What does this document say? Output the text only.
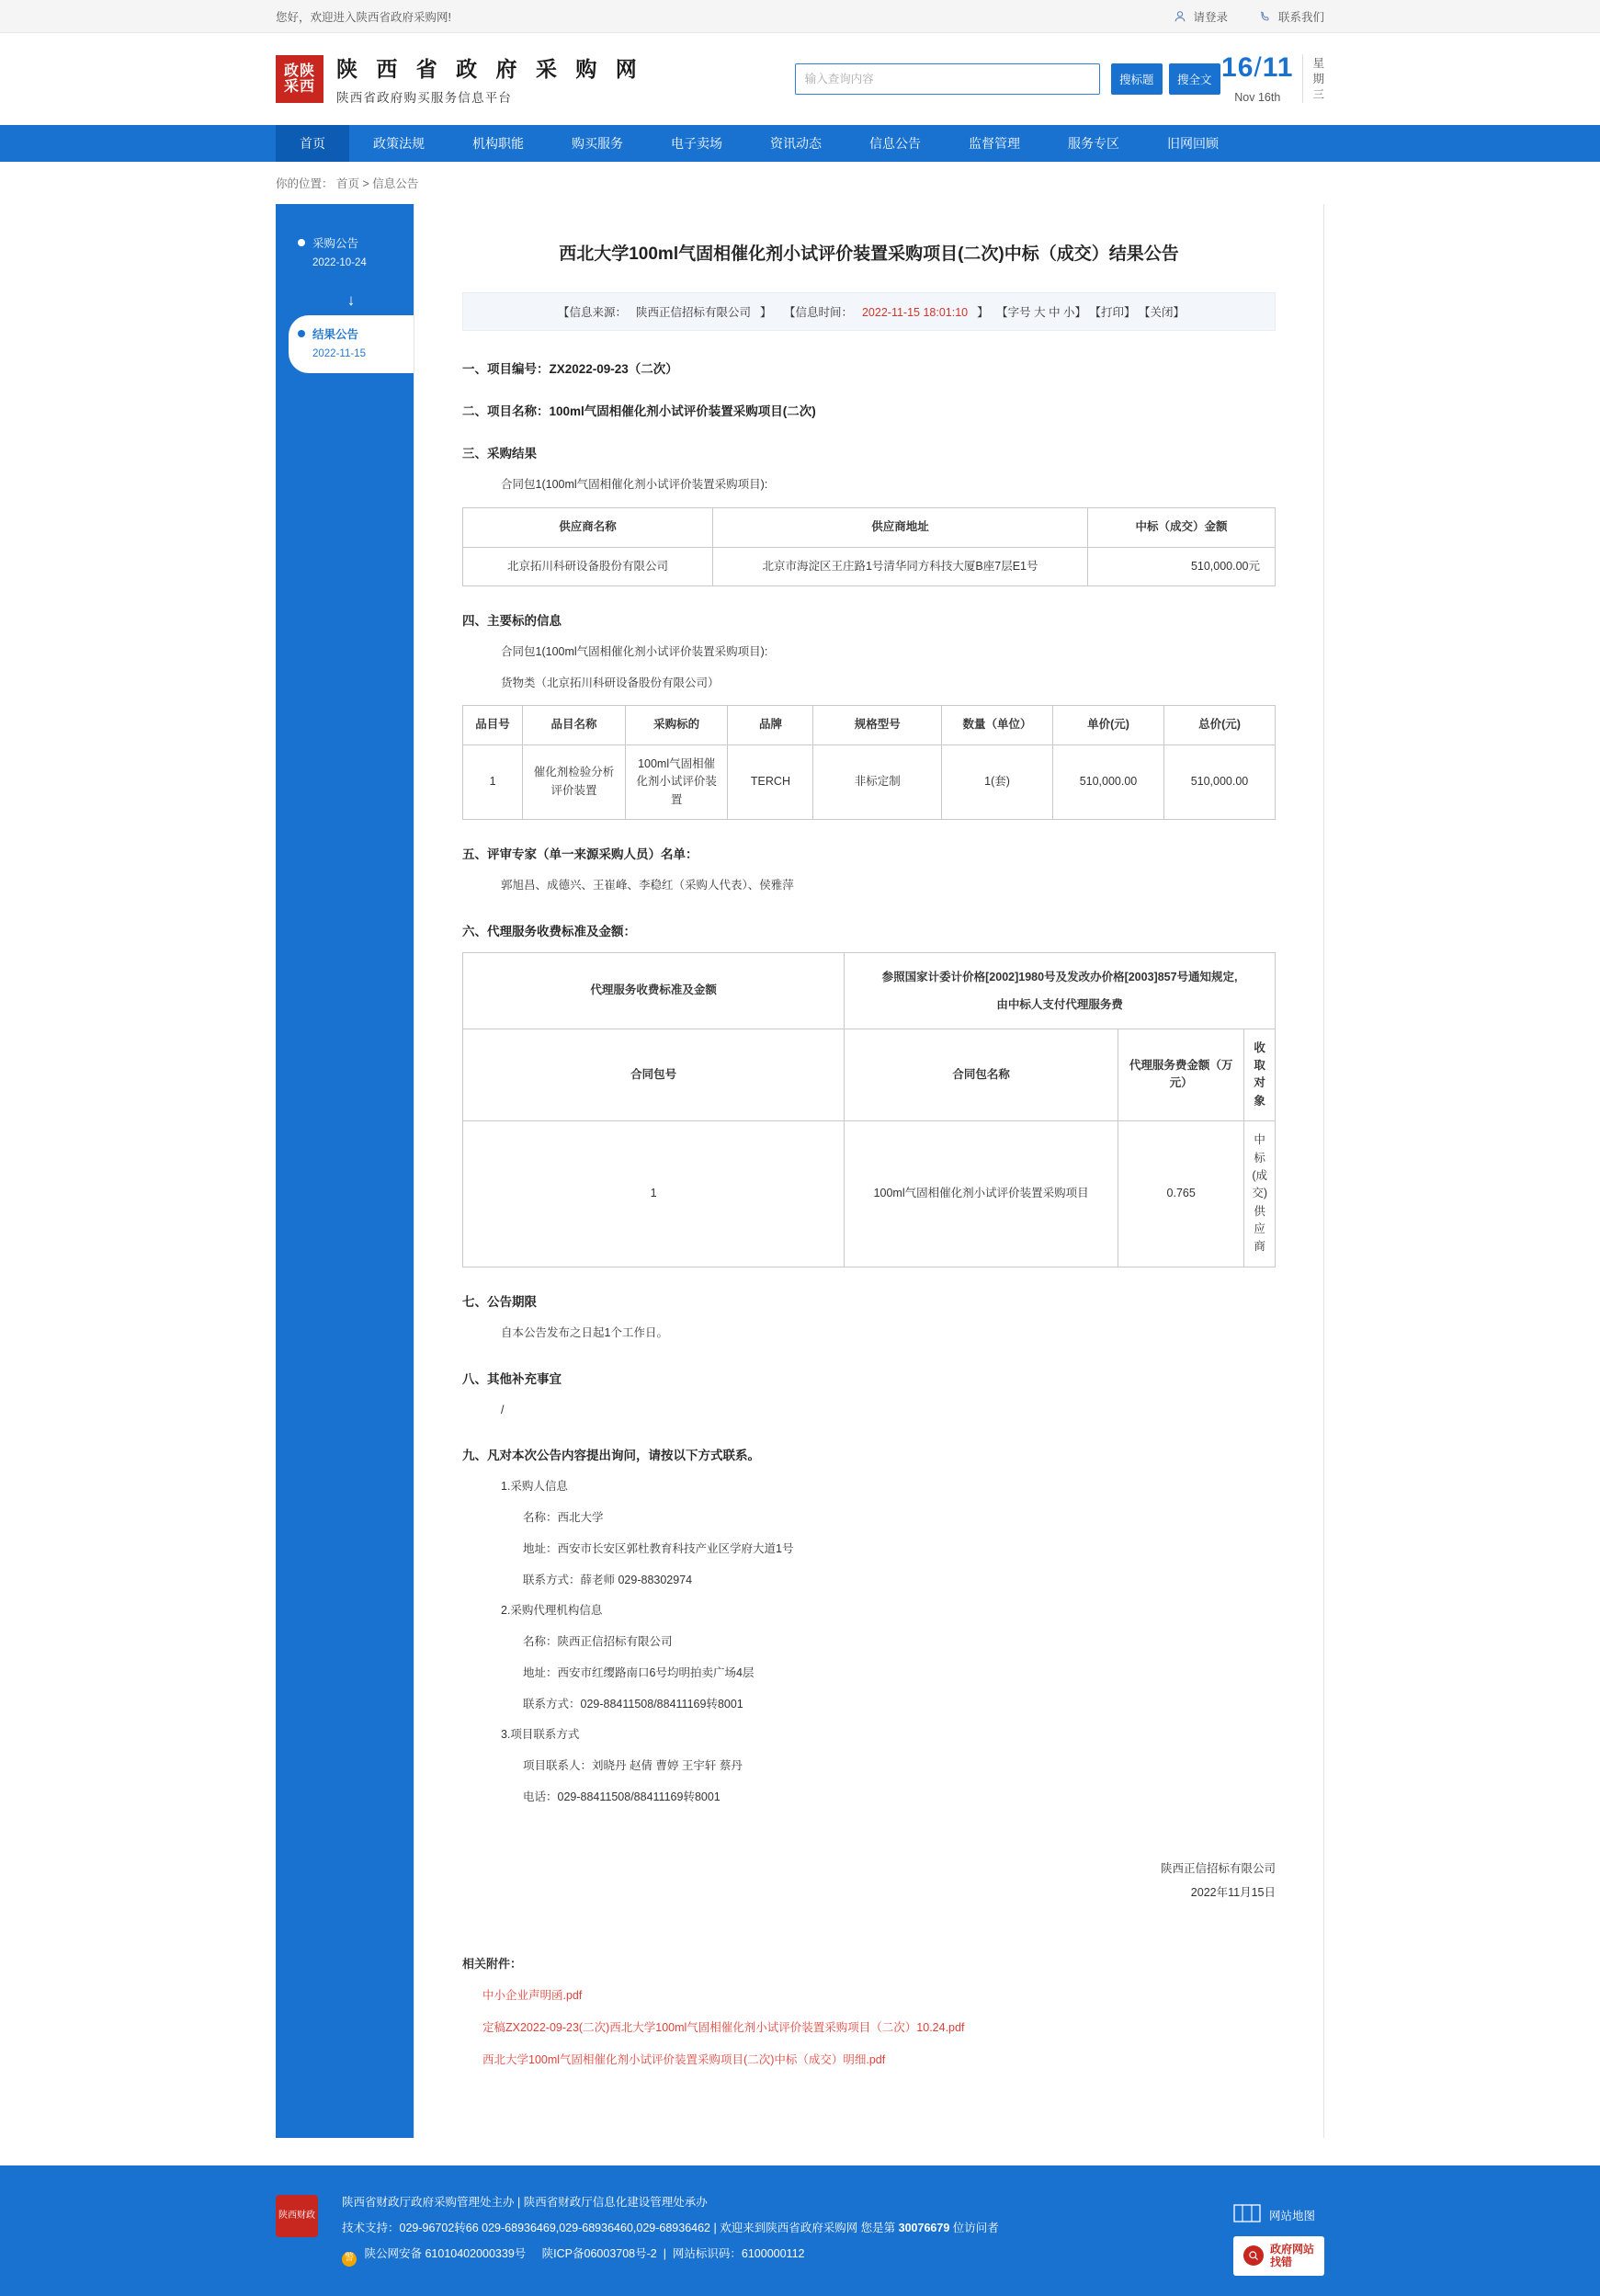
您好，欢迎进入陕西省政府采购网!	请登录	联系我们
政陕
采西
陕 西 省 政 府 采 购 网
陕西省政府购买服务信息平台
输入查询内容
搜标题	搜全文 16/11
Nov 16th
星
期
三
首页	政策法规	机构职能	购买服务	电子卖场	资讯动态	信息公告	监督管理	服务专区	旧网回顾
你的位置： 首页 > 信息公告
采购公告
2022-10-24
↓
结果公告
2022-11-15
西北大学100ml气固相催化剂小试评价装置采购项目(二次)中标（成交）结果公告
【信息来源： 陕西正信招标有限公司 】 【信息时间： 2022-11-15 18:01:10 】 【字号 大 中 小】 【打印】 【关闭】
一、项目编号：ZX2022-09-23（二次）
二、项目名称：100ml气固相催化剂小试评价装置采购项目(二次)
三、采购结果

合同包1(100ml气固相催化剂小试评价装置采购项目):

供应商名称	供应商地址	中标（成交）金额
北京拓川科研设备股份有限公司	北京市海淀区王庄路1号清华同方科技大厦B座7层E1号	510,000.00元
四、主要标的信息

合同包1(100ml气固相催化剂小试评价装置采购项目):

货物类（北京拓川科研设备股份有限公司）

品目号	品目名称	采购标的	品牌	规格型号	数量（单位）	单价(元)	总价(元)
1	催化剂检验分析评价装置	100ml气固相催化剂小试评价装置	TERCH	非标定制	1(套)	510,000.00	510,000.00
五、评审专家（单一来源采购人员）名单：

郭旭昌、成德兴、王崔峰、李稳红（采购人代表）、侯雅萍

六、代理服务收费标准及金额：
代理服务收费标准及金额	参照国家计委计价格[2002]1980号及发改办价格[2003]857号通知规定,
由中标人支付代理服务费		

合同包号	合同包名称	代理服务费金额（万元）	收取对象
1	100ml气固相催化剂小试评价装置采购项目	0.765	中标(成交)供应商
七、公告期限

自本公告发布之日起1个工作日。

八、其他补充事宜

/

九、凡对本次公告内容提出询问，请按以下方式联系。

1.采购人信息

名称：西北大学

地址：西安市长安区郭杜教育科技产业区学府大道1号

联系方式：薛老师 029-88302974

2.采购代理机构信息

名称：陕西正信招标有限公司

地址：西安市红缨路南口6号均明拍卖广场4层

联系方式：029-88411508/88411169转8001

3.项目联系方式

项目联系人：刘晓丹 赵倩 曹婷 王宇轩 蔡丹

电话：029-88411508/88411169转8001

陕西正信招标有限公司
2022年11月15日
相关附件：
中小企业声明函.pdf
定稿ZX2022-09-23(二次)西北大学100ml气固相催化剂小试评价装置采购项目（二次）10.24.pdf
西北大学100ml气固相催化剂小试评价装置采购项目(二次)中标（成交）明细.pdf
陕西财政
陕西省财政厅政府采购管理处主办 | 陕西省财政厅信息化建设管理处承办
技术支持：029-96702转66 029-68936469,029-68936460,029-68936462 | 欢迎来到陕西省政府采购网 您是第 30076679 位访问者
警 陕公网安备 61010402000339号 陕ICP备06003708号-2  |  网站标识码：6100000112
网站地图
政府网站
找错
